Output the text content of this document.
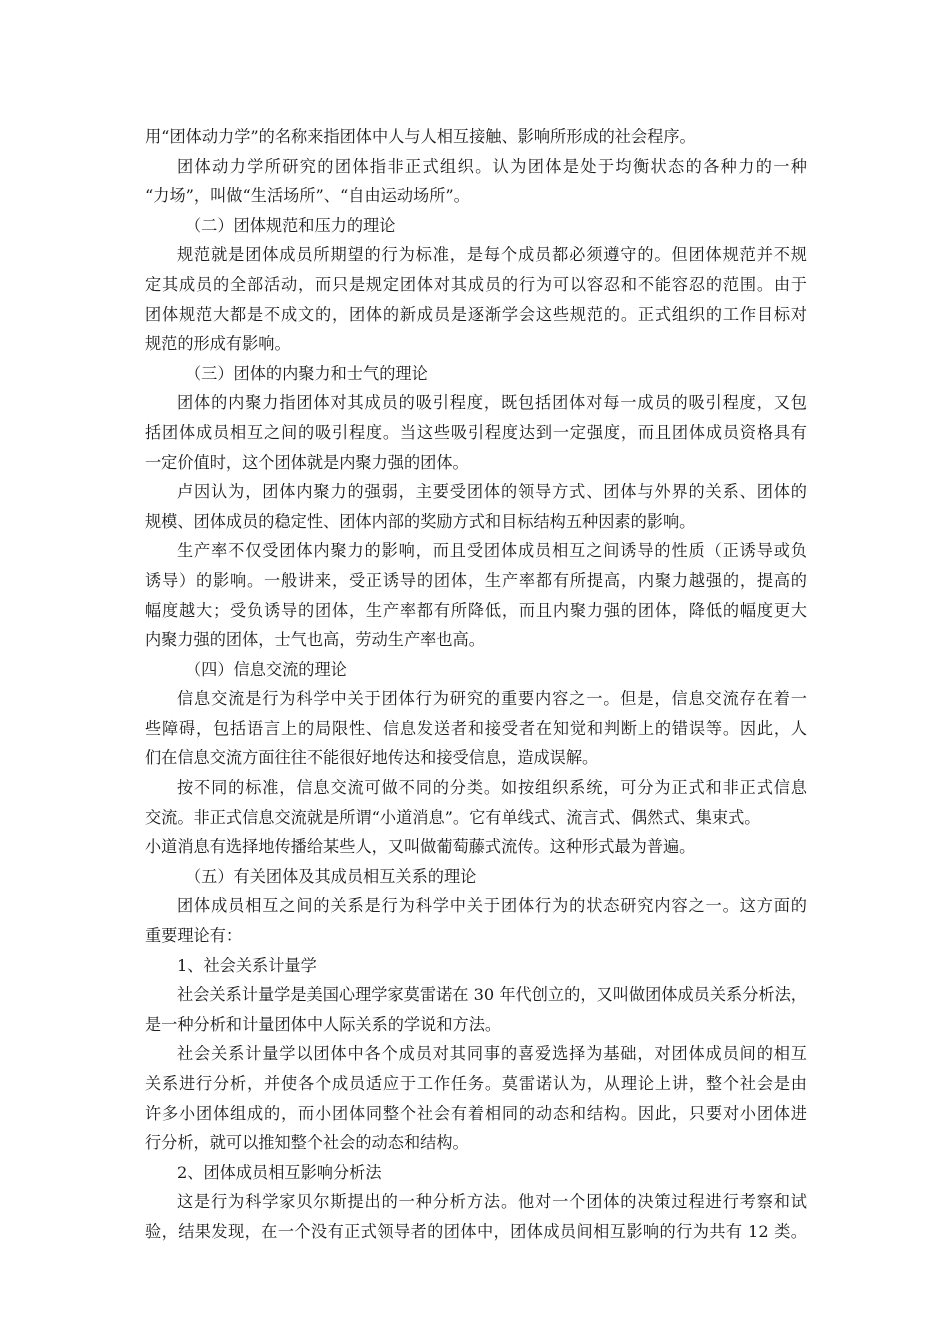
用“团体动力学”的名称来指团体中人与人相互接触、影响所形成的社会程序。
团体动力学所研究的团体指非正式组织。认为团体是处于均衡状态的各种力的一种
“力场”，叫做“生活场所”、“自由运动场所”。
（二）团体规范和压力的理论
规范就是团体成员所期望的行为标准，是每个成员都必须遵守的。但团体规范并不规
定其成员的全部活动，而只是规定团体对其成员的行为可以容忍和不能容忍的范围。由于
团体规范大都是不成文的，团体的新成员是逐渐学会这些规范的。正式组织的工作目标对
规范的形成有影响。
（三）团体的内聚力和士气的理论
团体的内聚力指团体对其成员的吸引程度，既包括团体对每一成员的吸引程度，又包
括团体成员相互之间的吸引程度。当这些吸引程度达到一定强度，而且团体成员资格具有
一定价值时，这个团体就是内聚力强的团体。
卢因认为，团体内聚力的强弱，主要受团体的领导方式、团体与外界的关系、团体的
规模、团体成员的稳定性、团体内部的奖励方式和目标结构五种因素的影响。
生产率不仅受团体内聚力的影响，而且受团体成员相互之间诱导的性质（正诱导或负
诱导）的影响。一般讲来，受正诱导的团体，生产率都有所提高，内聚力越强的，提高的
幅度越大；受负诱导的团体，生产率都有所降低，而且内聚力强的团体，降低的幅度更大
内聚力强的团体，士气也高，劳动生产率也高。
（四）信息交流的理论
信息交流是行为科学中关于团体行为研究的重要内容之一。但是，信息交流存在着一
些障碍，包括语言上的局限性、信息发送者和接受者在知觉和判断上的错误等。因此，人
们在信息交流方面往往不能很好地传达和接受信息，造成误解。
按不同的标准，信息交流可做不同的分类。如按组织系统，可分为正式和非正式信息
交流。非正式信息交流就是所谓“小道消息”。它有单线式、流言式、偶然式、集束式。
小道消息有选择地传播给某些人，又叫做葡萄藤式流传。这种形式最为普遍。
（五）有关团体及其成员相互关系的理论
团体成员相互之间的关系是行为科学中关于团体行为的状态研究内容之一。这方面的
重要理论有：
1、社会关系计量学
社会关系计量学是美国心理学家莫雷诺在 30 年代创立的，又叫做团体成员关系分析法，
是一种分析和计量团体中人际关系的学说和方法。
社会关系计量学以团体中各个成员对其同事的喜爱选择为基础，对团体成员间的相互
关系进行分析，并使各个成员适应于工作任务。莫雷诺认为，从理论上讲，整个社会是由
许多小团体组成的，而小团体同整个社会有着相同的动态和结构。因此，只要对小团体进
行分析，就可以推知整个社会的动态和结构。
2、团体成员相互影响分析法
这是行为科学家贝尔斯提出的一种分析方法。他对一个团体的决策过程进行考察和试
验，结果发现，在一个没有正式领导者的团体中，团体成员间相互影响的行为共有 12 类。
